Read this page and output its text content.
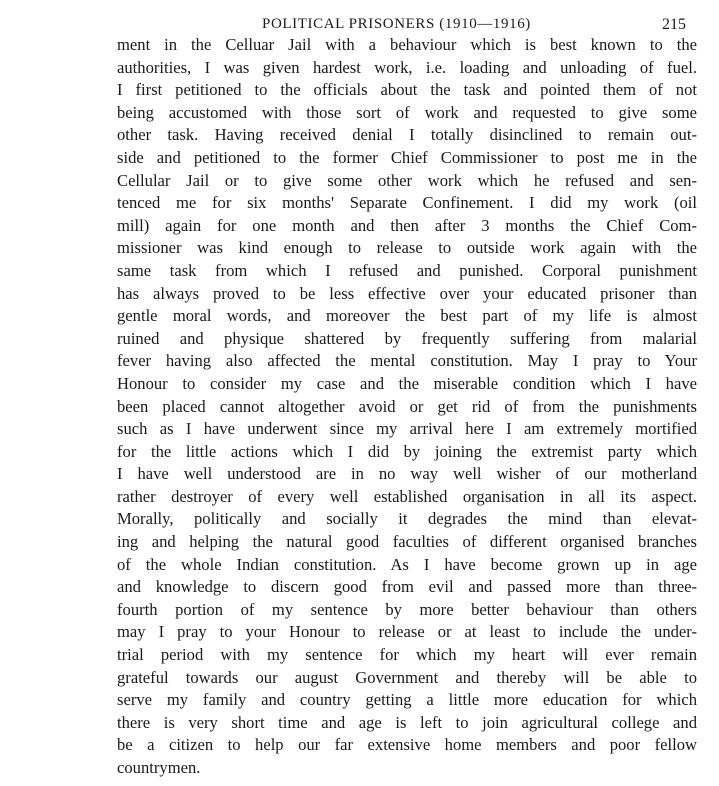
POLITICAL PRISONERS (1910—1916)	215
ment in the Celluar Jail with a behaviour which is best known to the
authorities, I was given hardest work, i.e. loading and unloading of fuel.
I first petitioned to the officials about the task and pointed them of not
being accustomed with those sort of work and requested to give some
other task. Having received denial I totally disinclined to remain out-
side and petitioned to the former Chief Commissioner to post me in the
Cellular Jail or to give some other work which he refused and sen-
tenced me for six months' Separate Confinement. I did my work (oil
mill) again for one month and then after 3 months the Chief Com-
missioner was kind enough to release to outside work again with the
same task from which I refused and punished. Corporal punishment
has always proved to be less effective over your educated prisoner than
gentle moral words, and moreover the best part of my life is almost
ruined and physique shattered by frequently suffering from malarial
fever having also affected the mental constitution. May I pray to Your
Honour to consider my case and the miserable condition which I have
been placed cannot altogether avoid or get rid of from the punishments
such as I have underwent since my arrival here I am extremely mortified
for the little actions which I did by joining the extremist party which
I have well understood are in no way well wisher of our motherland
rather destroyer of every well established organisation in all its aspect.
Morally, politically and socially it degrades the mind than elevat-
ing and helping the natural good faculties of different organised branches
of the whole Indian constitution. As I have become grown up in age
and knowledge to discern good from evil and passed more than three-
fourth portion of my sentence by more better behaviour than others
may I pray to your Honour to release or at least to include the under-
trial period with my sentence for which my heart will ever remain
grateful towards our august Government and thereby will be able to
serve my family and country getting a little more education for which
there is very short time and age is left to join agricultural college and
be a citizen to help our far extensive home members and poor fellow
countrymen.
